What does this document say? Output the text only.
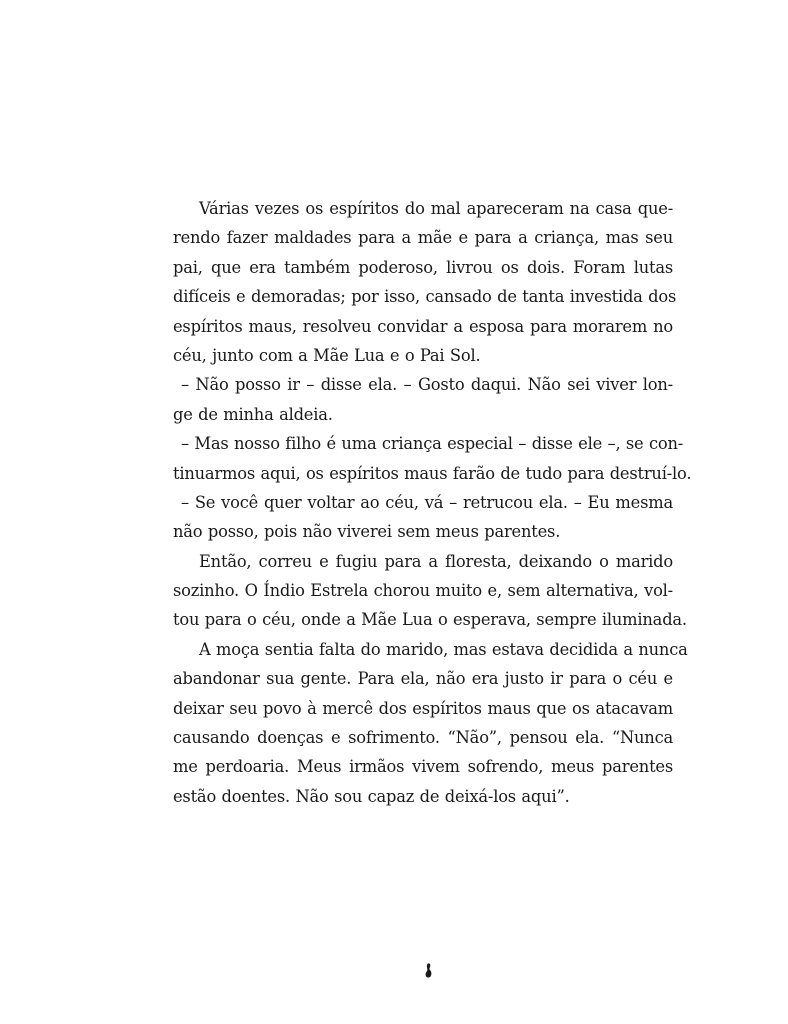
Várias vezes os espíritos do mal apareceram na casa que-
rendo fazer maldades para a mãe e para a criança, mas seu
pai, que era também poderoso, livrou os dois. Foram lutas
difíceis e demoradas; por isso, cansado de tanta investida dos
espíritos maus, resolveu convidar a esposa para morarem no
céu, junto com a Mãe Lua e o Pai Sol.
– Não posso ir – disse ela. – Gosto daqui. Não sei viver lon-
ge de minha aldeia.
– Mas nosso filho é uma criança especial – disse ele –, se con-
tinuarmos aqui, os espíritos maus farão de tudo para destruí-lo.
– Se você quer voltar ao céu, vá – retrucou ela. – Eu mesma
não posso, pois não viverei sem meus parentes.
Então, correu e fugiu para a floresta, deixando o marido
sozinho. O Índio Estrela chorou muito e, sem alternativa, vol-
tou para o céu, onde a Mãe Lua o esperava, sempre iluminada.
A moça sentia falta do marido, mas estava decidida a nunca
abandonar sua gente. Para ela, não era justo ir para o céu e
deixar seu povo à mercê dos espíritos maus que os atacavam
causando doenças e sofrimento. “Não”, pensou ela. “Nunca
me perdoaria. Meus irmãos vivem sofrendo, meus parentes
estão doentes. Não sou capaz de deixá-los aqui”.
